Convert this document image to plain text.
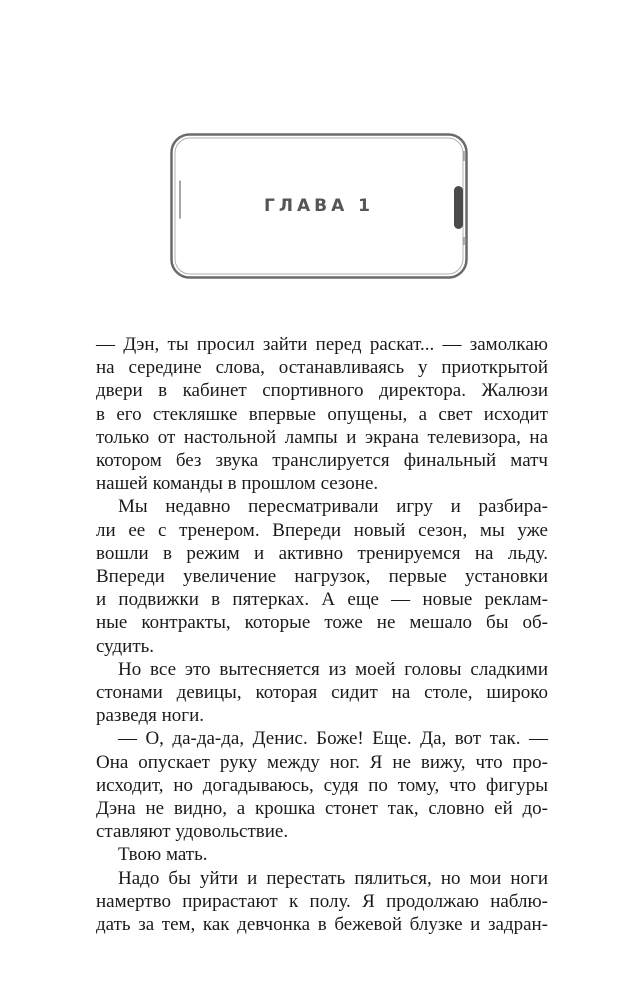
ГЛАВА 1
— Дэн, ты просил зайти перед раскат... — замолкаю
на середине слова, останавливаясь у приоткрытой
двери в кабинет спортивного директора. Жалюзи
в его стекляшке впервые опущены, а свет исходит
только от настольной лампы и экрана телевизора, на
котором без звука транслируется финальный матч
нашей команды в прошлом сезоне.
Мы недавно пересматривали игру и разбира-
ли ее с тренером. Впереди новый сезон, мы уже
вошли в режим и активно тренируемся на льду.
Впереди увеличение нагрузок, первые установки
и подвижки в пятерках. А еще — новые реклам-
ные контракты, которые тоже не мешало бы об-
судить.
Но все это вытесняется из моей головы сладкими
стонами девицы, которая сидит на столе, широко
разведя ноги.
— О, да-да-да, Денис. Боже! Еще. Да, вот так. —
Она опускает руку между ног. Я не вижу, что про-
исходит, но догадываюсь, судя по тому, что фигуры
Дэна не видно, а крошка стонет так, словно ей до-
ставляют удовольствие.
Твою мать.
Надо бы уйти и перестать пялиться, но мои ноги
намертво прирастают к полу. Я продолжаю наблю-
дать за тем, как девчонка в бежевой блузке и задран-
